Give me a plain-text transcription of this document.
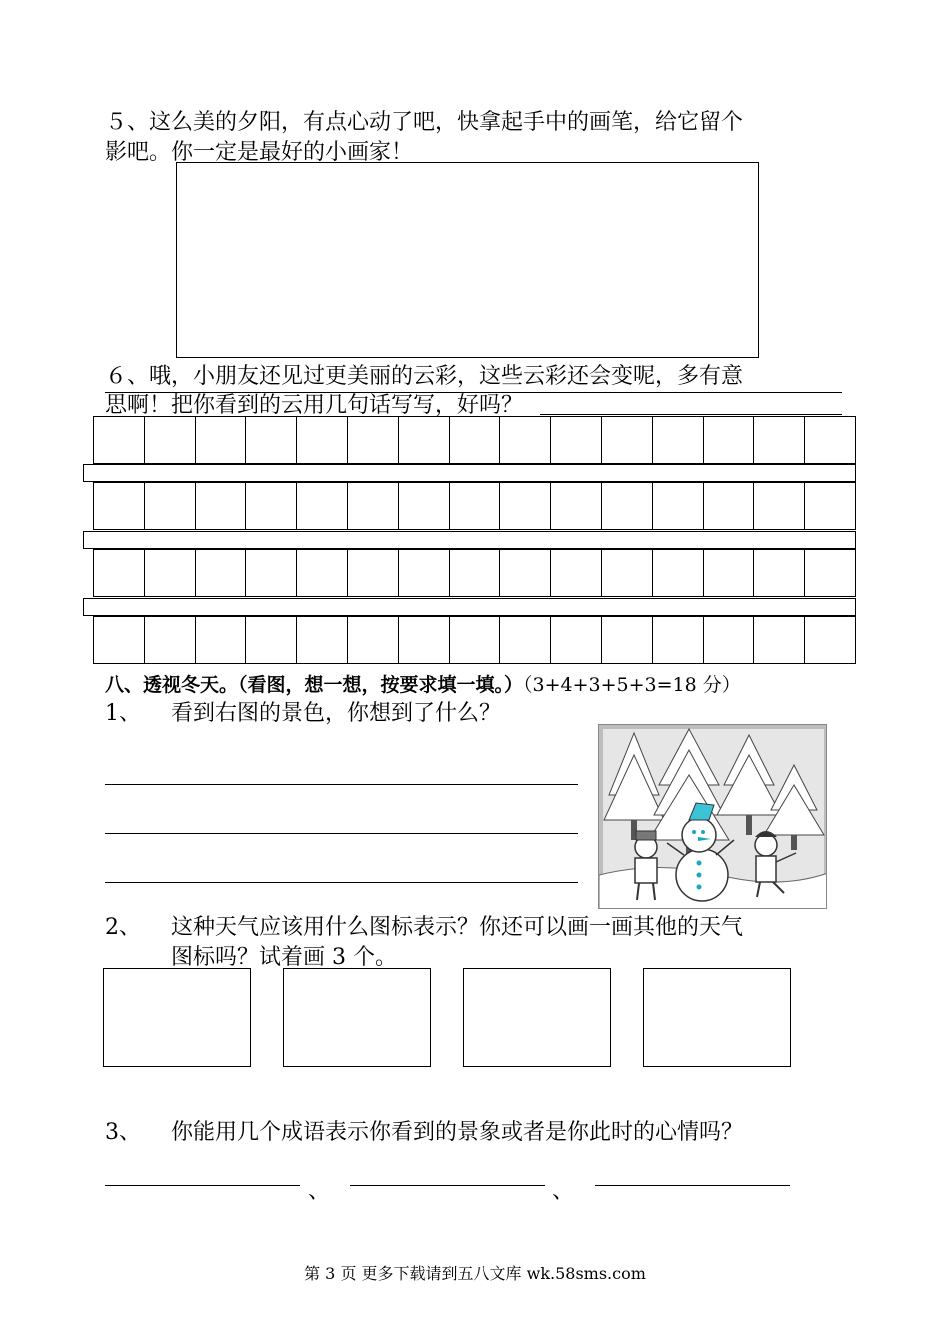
５、这么美的夕阳，有点心动了吧，快拿起手中的画笔，给它留个
影吧。你一定是最好的小画家！
６、哦，小朋友还见过更美丽的云彩，这些云彩还会变呢，多有意
思啊！把你看到的云用几句话写写，好吗？
八、透视冬天。（看图，想一想，按要求填一填。）（3+4+3+5+3=18 分）
1、 看到右图的景色，你想到了什么？
2、 这种天气应该用什么图标表示？你还可以画一画其他的天气
图标吗？试着画 3 个。
3、 你能用几个成语表示你看到的景象或者是你此时的心情吗？
、	、
第 3 页 更多下载请到五八文库 wk.58sms.com
